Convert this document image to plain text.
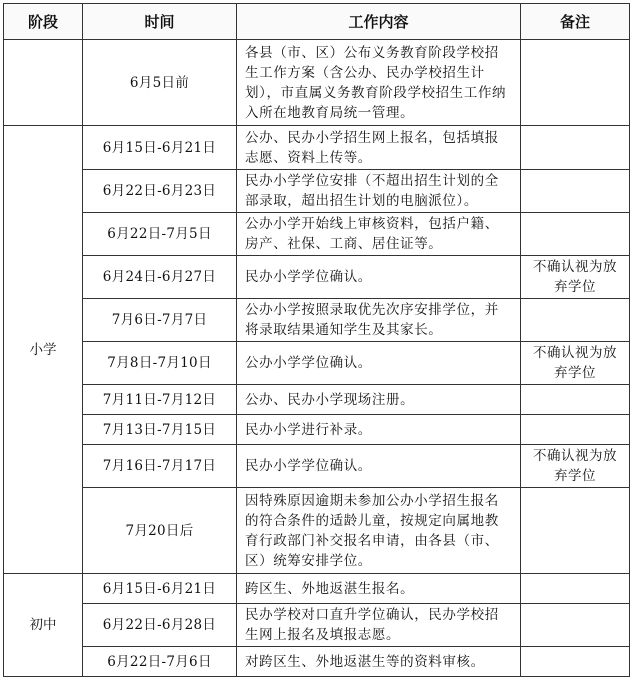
阶段	时间	工作内容	备注
	6月5日前	各县（市、区）公布义务教育阶段学校招生工作方案（含公办、民办学校招生计划），市直属义务教育阶段学校招生工作纳入所在地教育局统一管理。	
小学	6月15日-6月21日	公办、民办小学招生网上报名，包括填报志愿、资料上传等。	
	6月22日-6月23日	民办小学学位安排（不超出招生计划的全部录取，超出招生计划的电脑派位）。	
	6月22日-7月5日	公办小学开始线上审核资料，包括户籍、房产、社保、工商、居住证等。	
	6月24日-6月27日	民办小学学位确认。	不确认视为放弃学位
	7月6日-7月7日	公办小学按照录取优先次序安排学位，并将录取结果通知学生及其家长。	
	7月8日-7月10日	公办小学学位确认。	不确认视为放弃学位
	7月11日-7月12日	公办、民办小学现场注册。	
	7月13日-7月15日	民办小学进行补录。	
	7月16日-7月17日	民办小学学位确认。	不确认视为放弃学位
	7月20日后	因特殊原因逾期未参加公办小学招生报名的符合条件的适龄儿童，按规定向属地教育行政部门补交报名申请，由各县（市、区）统筹安排学位。	
初中	6月15日-6月21日	跨区生、外地返湛生报名。	
	6月22日-6月28日	民办学校对口直升学位确认，民办学校招生网上报名及填报志愿。	
	6月22日-7月6日	对跨区生、外地返湛生等的资料审核。	
